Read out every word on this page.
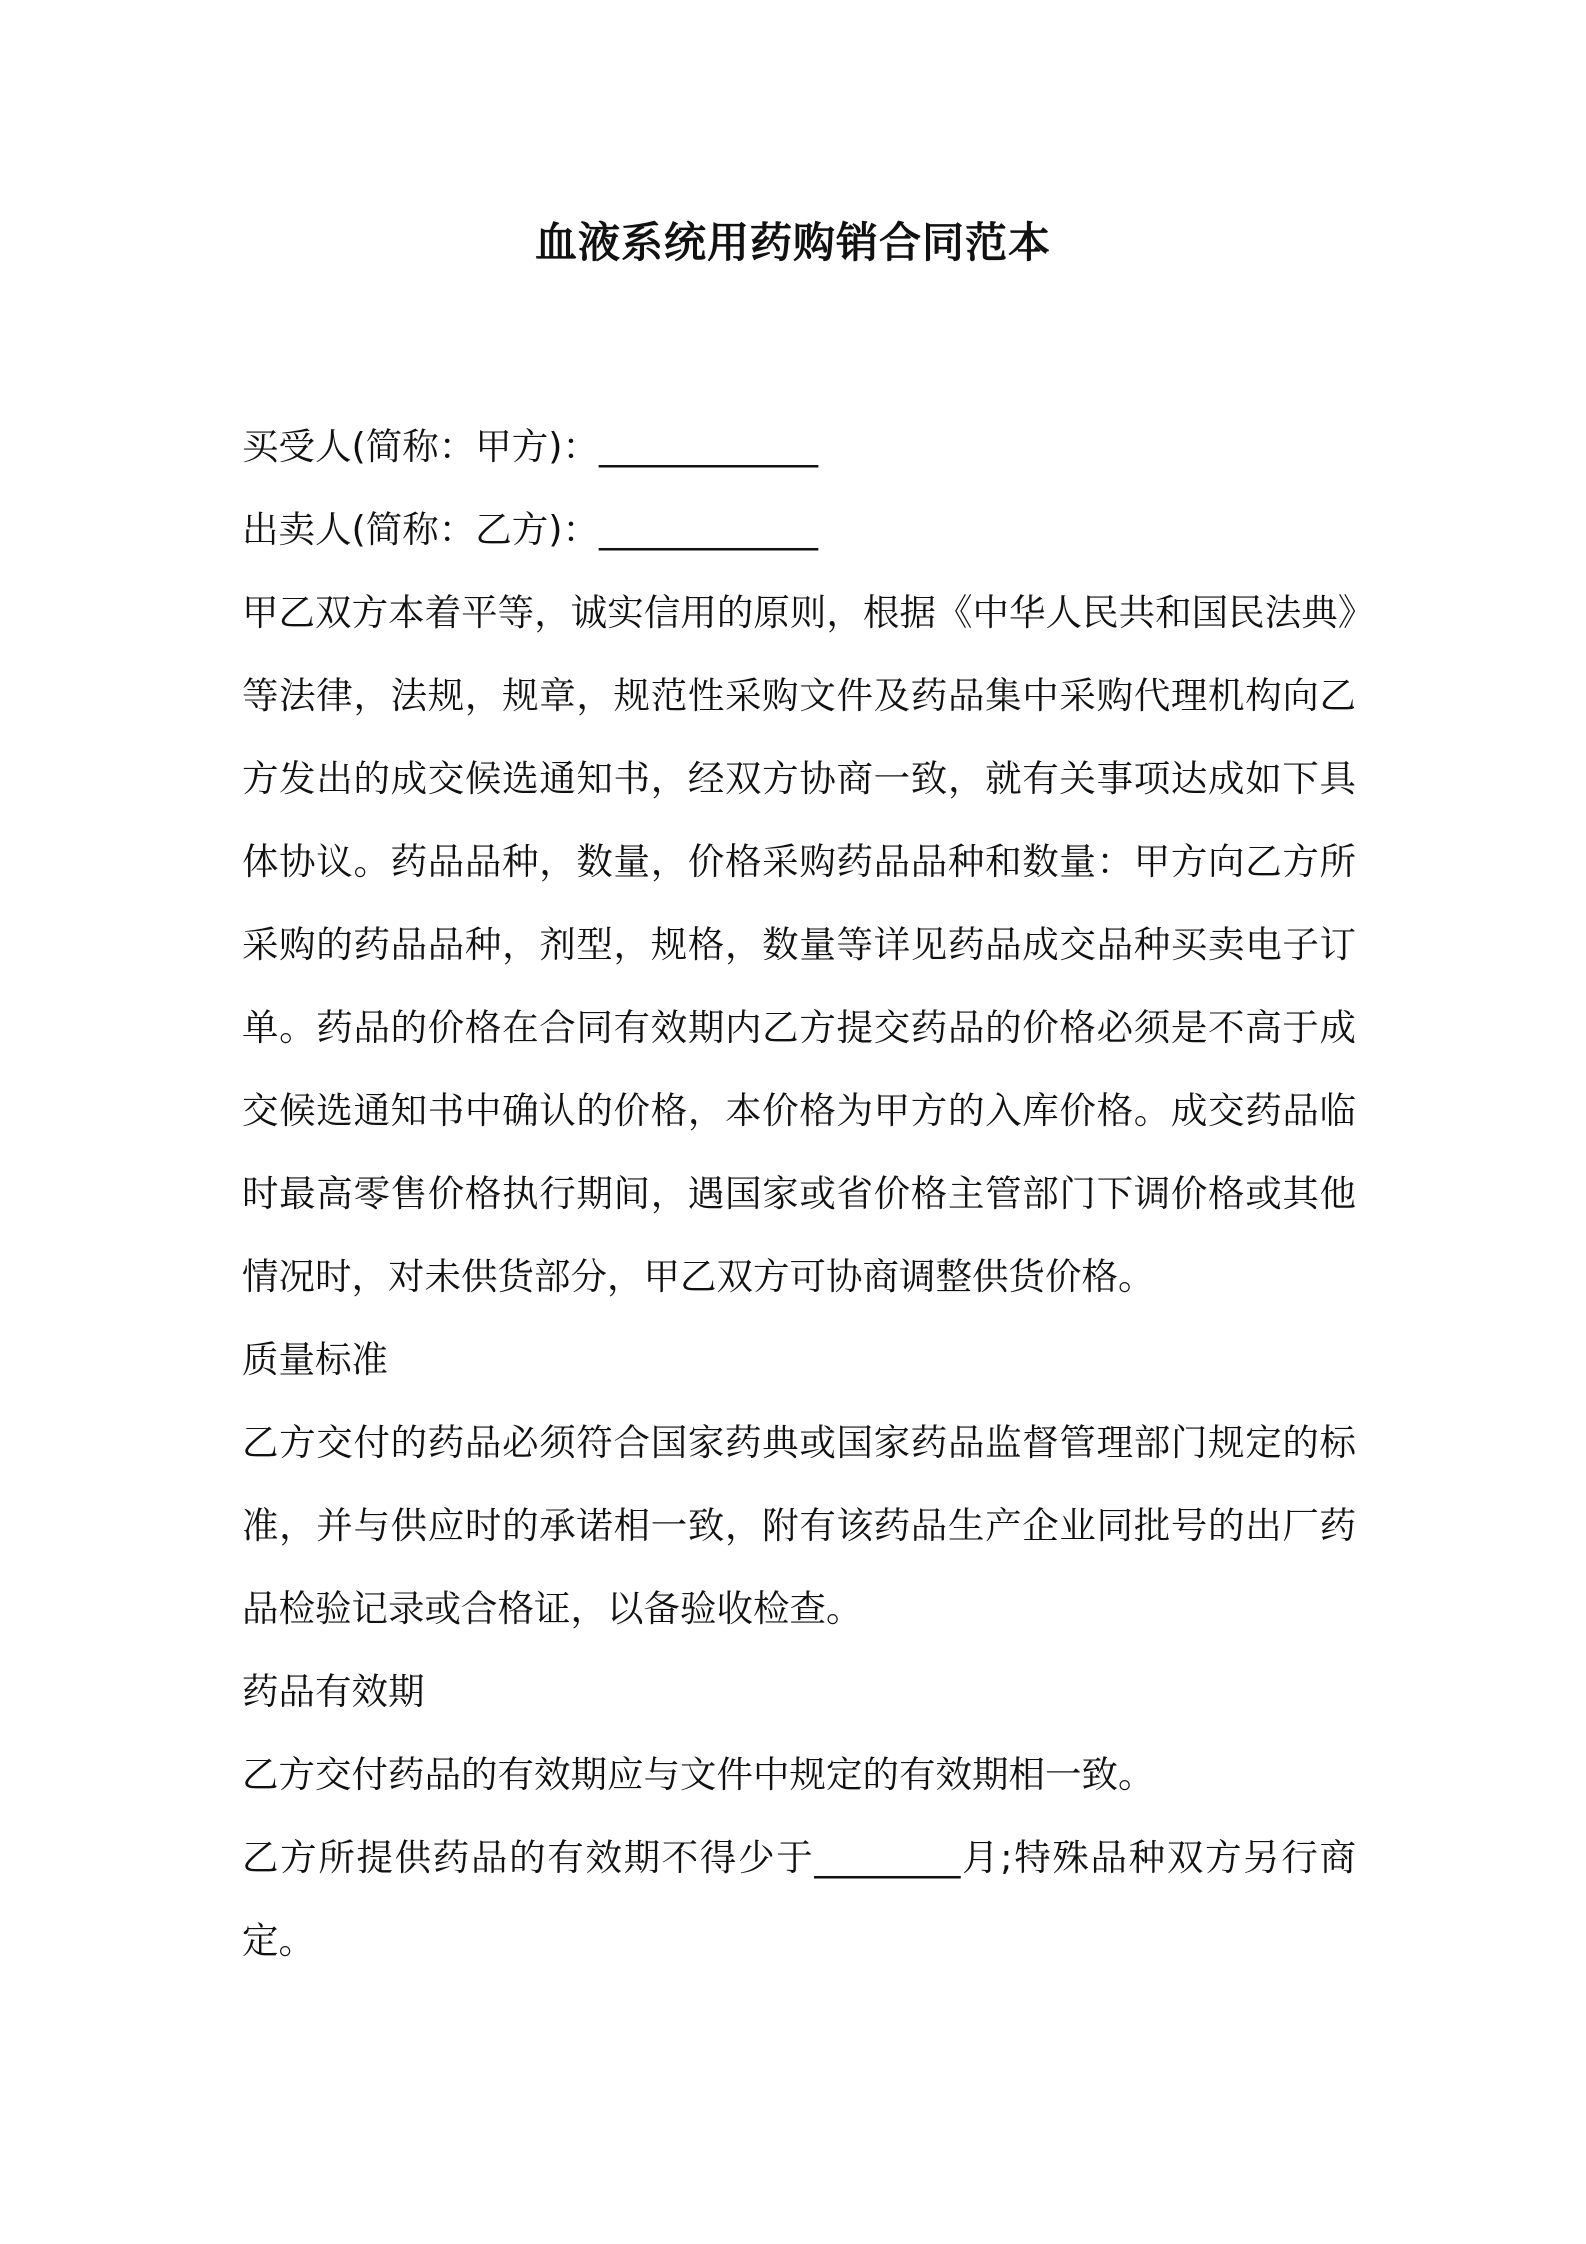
血液系统用药购销合同范本

买受人(简称：甲方)：____________

出卖人(简称：乙方)：____________

甲乙双方本着平等，诚实信用的原则，根据《中华人民共和国民法典》等法律，法规，规章，规范性采购文件及药品集中采购代理机构向乙方发出的成交候选通知书，经双方协商一致，就有关事项达成如下具体协议。药品品种，数量，价格采购药品品种和数量：甲方向乙方所采购的药品品种，剂型，规格，数量等详见药品成交品种买卖电子订单。药品的价格在合同有效期内乙方提交药品的价格必须是不高于成交候选通知书中确认的价格，本价格为甲方的入库价格。成交药品临时最高零售价格执行期间，遇国家或省价格主管部门下调价格或其他情况时，对未供货部分，甲乙双方可协商调整供货价格。

质量标准

乙方交付的药品必须符合国家药典或国家药品监督管理部门规定的标准，并与供应时的承诺相一致，附有该药品生产企业同批号的出厂药品检验记录或合格证，以备验收检查。

药品有效期

乙方交付药品的有效期应与文件中规定的有效期相一致。

乙方所提供药品的有效期不得少于________月;特殊品种双方另行商定。
